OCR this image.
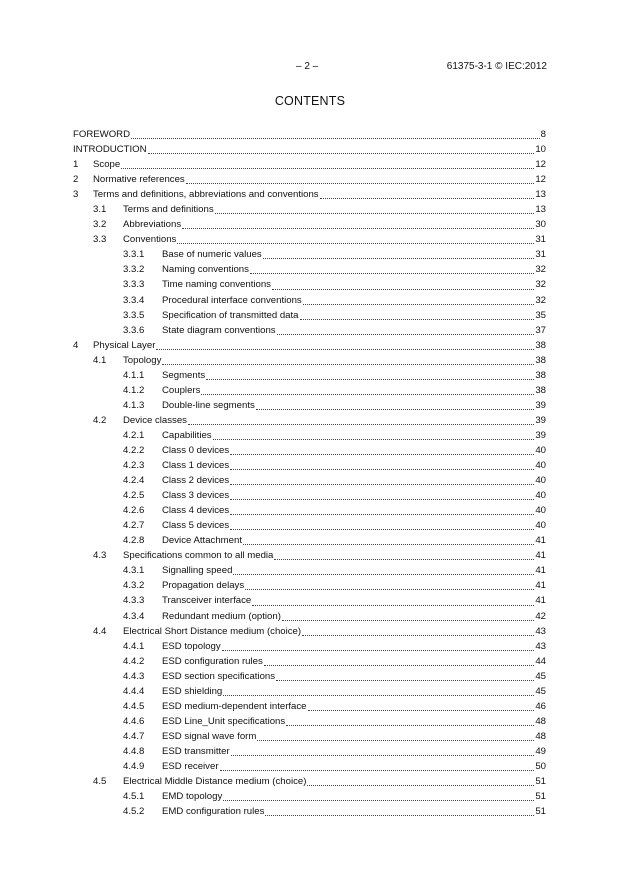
– 2 –	61375-3-1 © IEC:2012
CONTENTS
FOREWORD	8
INTRODUCTION	10
1 Scope	12
2 Normative references	12
3 Terms and definitions, abbreviations and conventions	13
3.1 Terms and definitions	13
3.2 Abbreviations	30
3.3 Conventions	31
3.3.1 Base of numeric values	31
3.3.2 Naming conventions	32
3.3.3 Time naming conventions	32
3.3.4 Procedural interface conventions	32
3.3.5 Specification of transmitted data	35
3.3.6 State diagram conventions	37
4 Physical Layer	38
4.1 Topology	38
4.1.1 Segments	38
4.1.2 Couplers	38
4.1.3 Double-line segments	39
4.2 Device classes	39
4.2.1 Capabilities	39
4.2.2 Class 0 devices	40
4.2.3 Class 1 devices	40
4.2.4 Class 2 devices	40
4.2.5 Class 3 devices	40
4.2.6 Class 4 devices	40
4.2.7 Class 5 devices	40
4.2.8 Device Attachment	41
4.3 Specifications common to all media	41
4.3.1 Signalling speed	41
4.3.2 Propagation delays	41
4.3.3 Transceiver interface	41
4.3.4 Redundant medium (option)	42
4.4 Electrical Short Distance medium (choice)	43
4.4.1 ESD topology	43
4.4.2 ESD configuration rules	44
4.4.3 ESD section specifications	45
4.4.4 ESD shielding	45
4.4.5 ESD medium-dependent interface	46
4.4.6 ESD Line_Unit specifications	48
4.4.7 ESD signal wave form	48
4.4.8 ESD transmitter	49
4.4.9 ESD receiver	50
4.5 Electrical Middle Distance medium (choice)	51
4.5.1 EMD topology	51
4.5.2 EMD configuration rules	51
